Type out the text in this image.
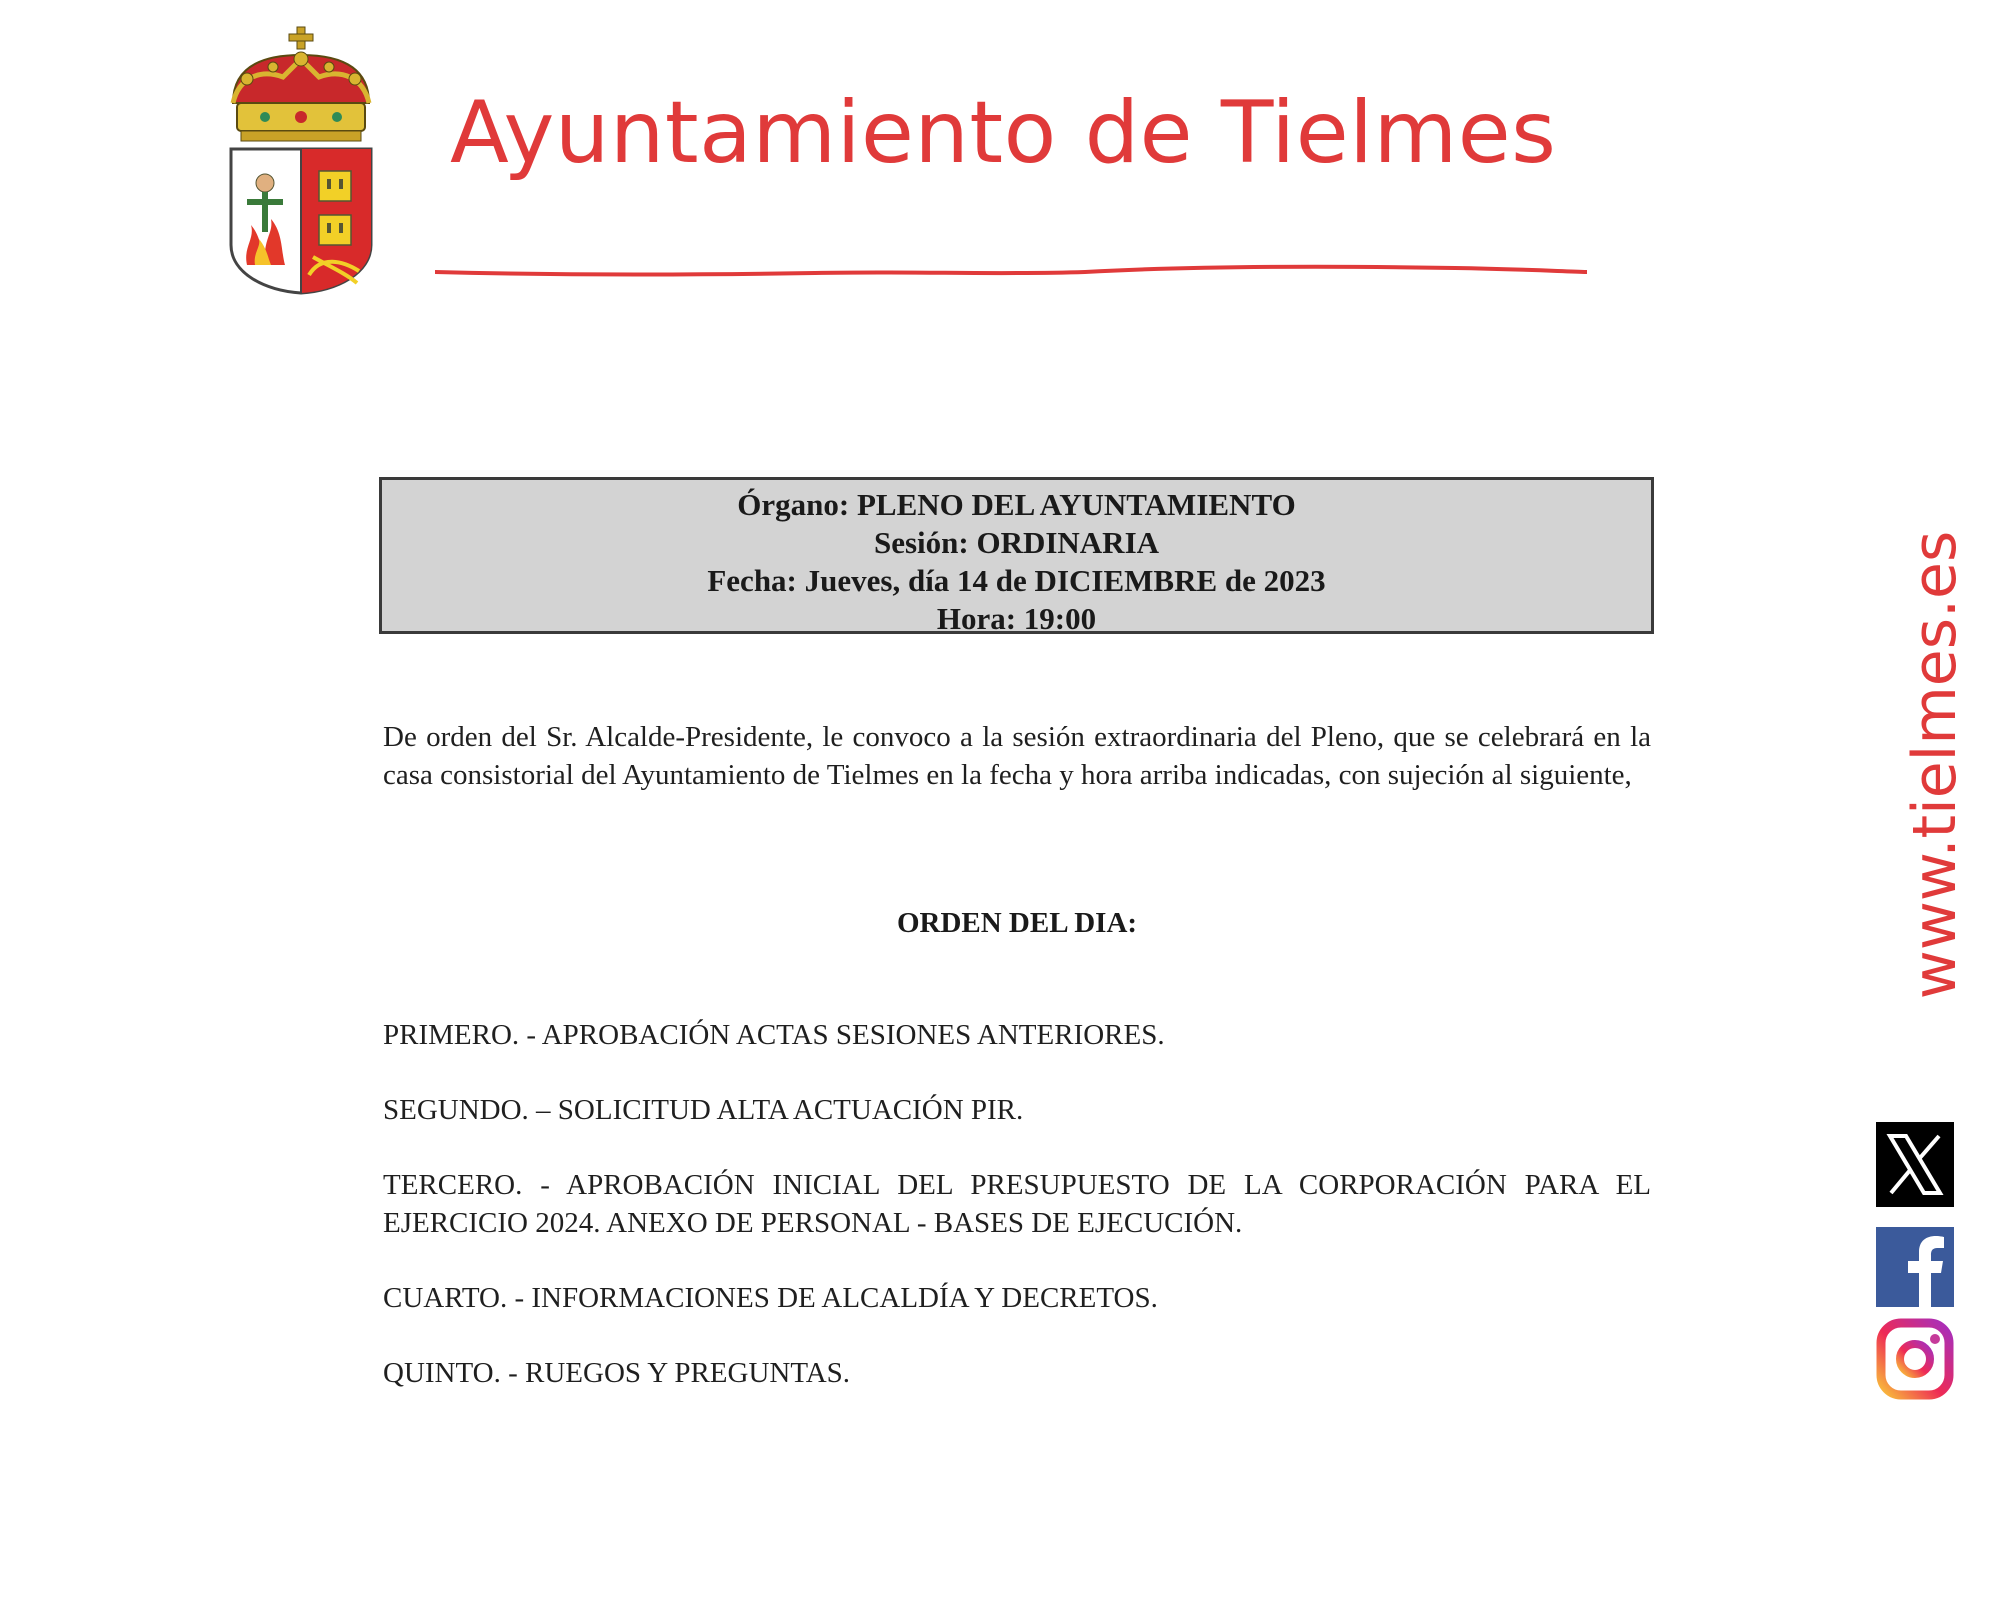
Ayuntamiento de Tielmes
Órgano: PLENO DEL AYUNTAMIENTO
Sesión: ORDINARIA
Fecha: Jueves, día 14 de DICIEMBRE de 2023
Hora: 19:00

De orden del Sr. Alcalde-Presidente, le convoco a la sesión extraordinaria del Pleno, que se celebrará en la casa consistorial del Ayuntamiento de Tielmes en la fecha y hora arriba indicadas, con sujeción al siguiente,

ORDEN DEL DIA:

PRIMERO. - APROBACIÓN ACTAS SESIONES ANTERIORES.
SEGUNDO. – SOLICITUD ALTA ACTUACIÓN PIR.
TERCERO. - APROBACIÓN INICIAL DEL PRESUPUESTO DE LA CORPORACIÓN PARA EL EJERCICIO 2024. ANEXO DE PERSONAL - BASES DE EJECUCIÓN.
CUARTO. - INFORMACIONES DE ALCALDÍA Y DECRETOS.
QUINTO. - RUEGOS Y PREGUNTAS.

www.tielmes.es
